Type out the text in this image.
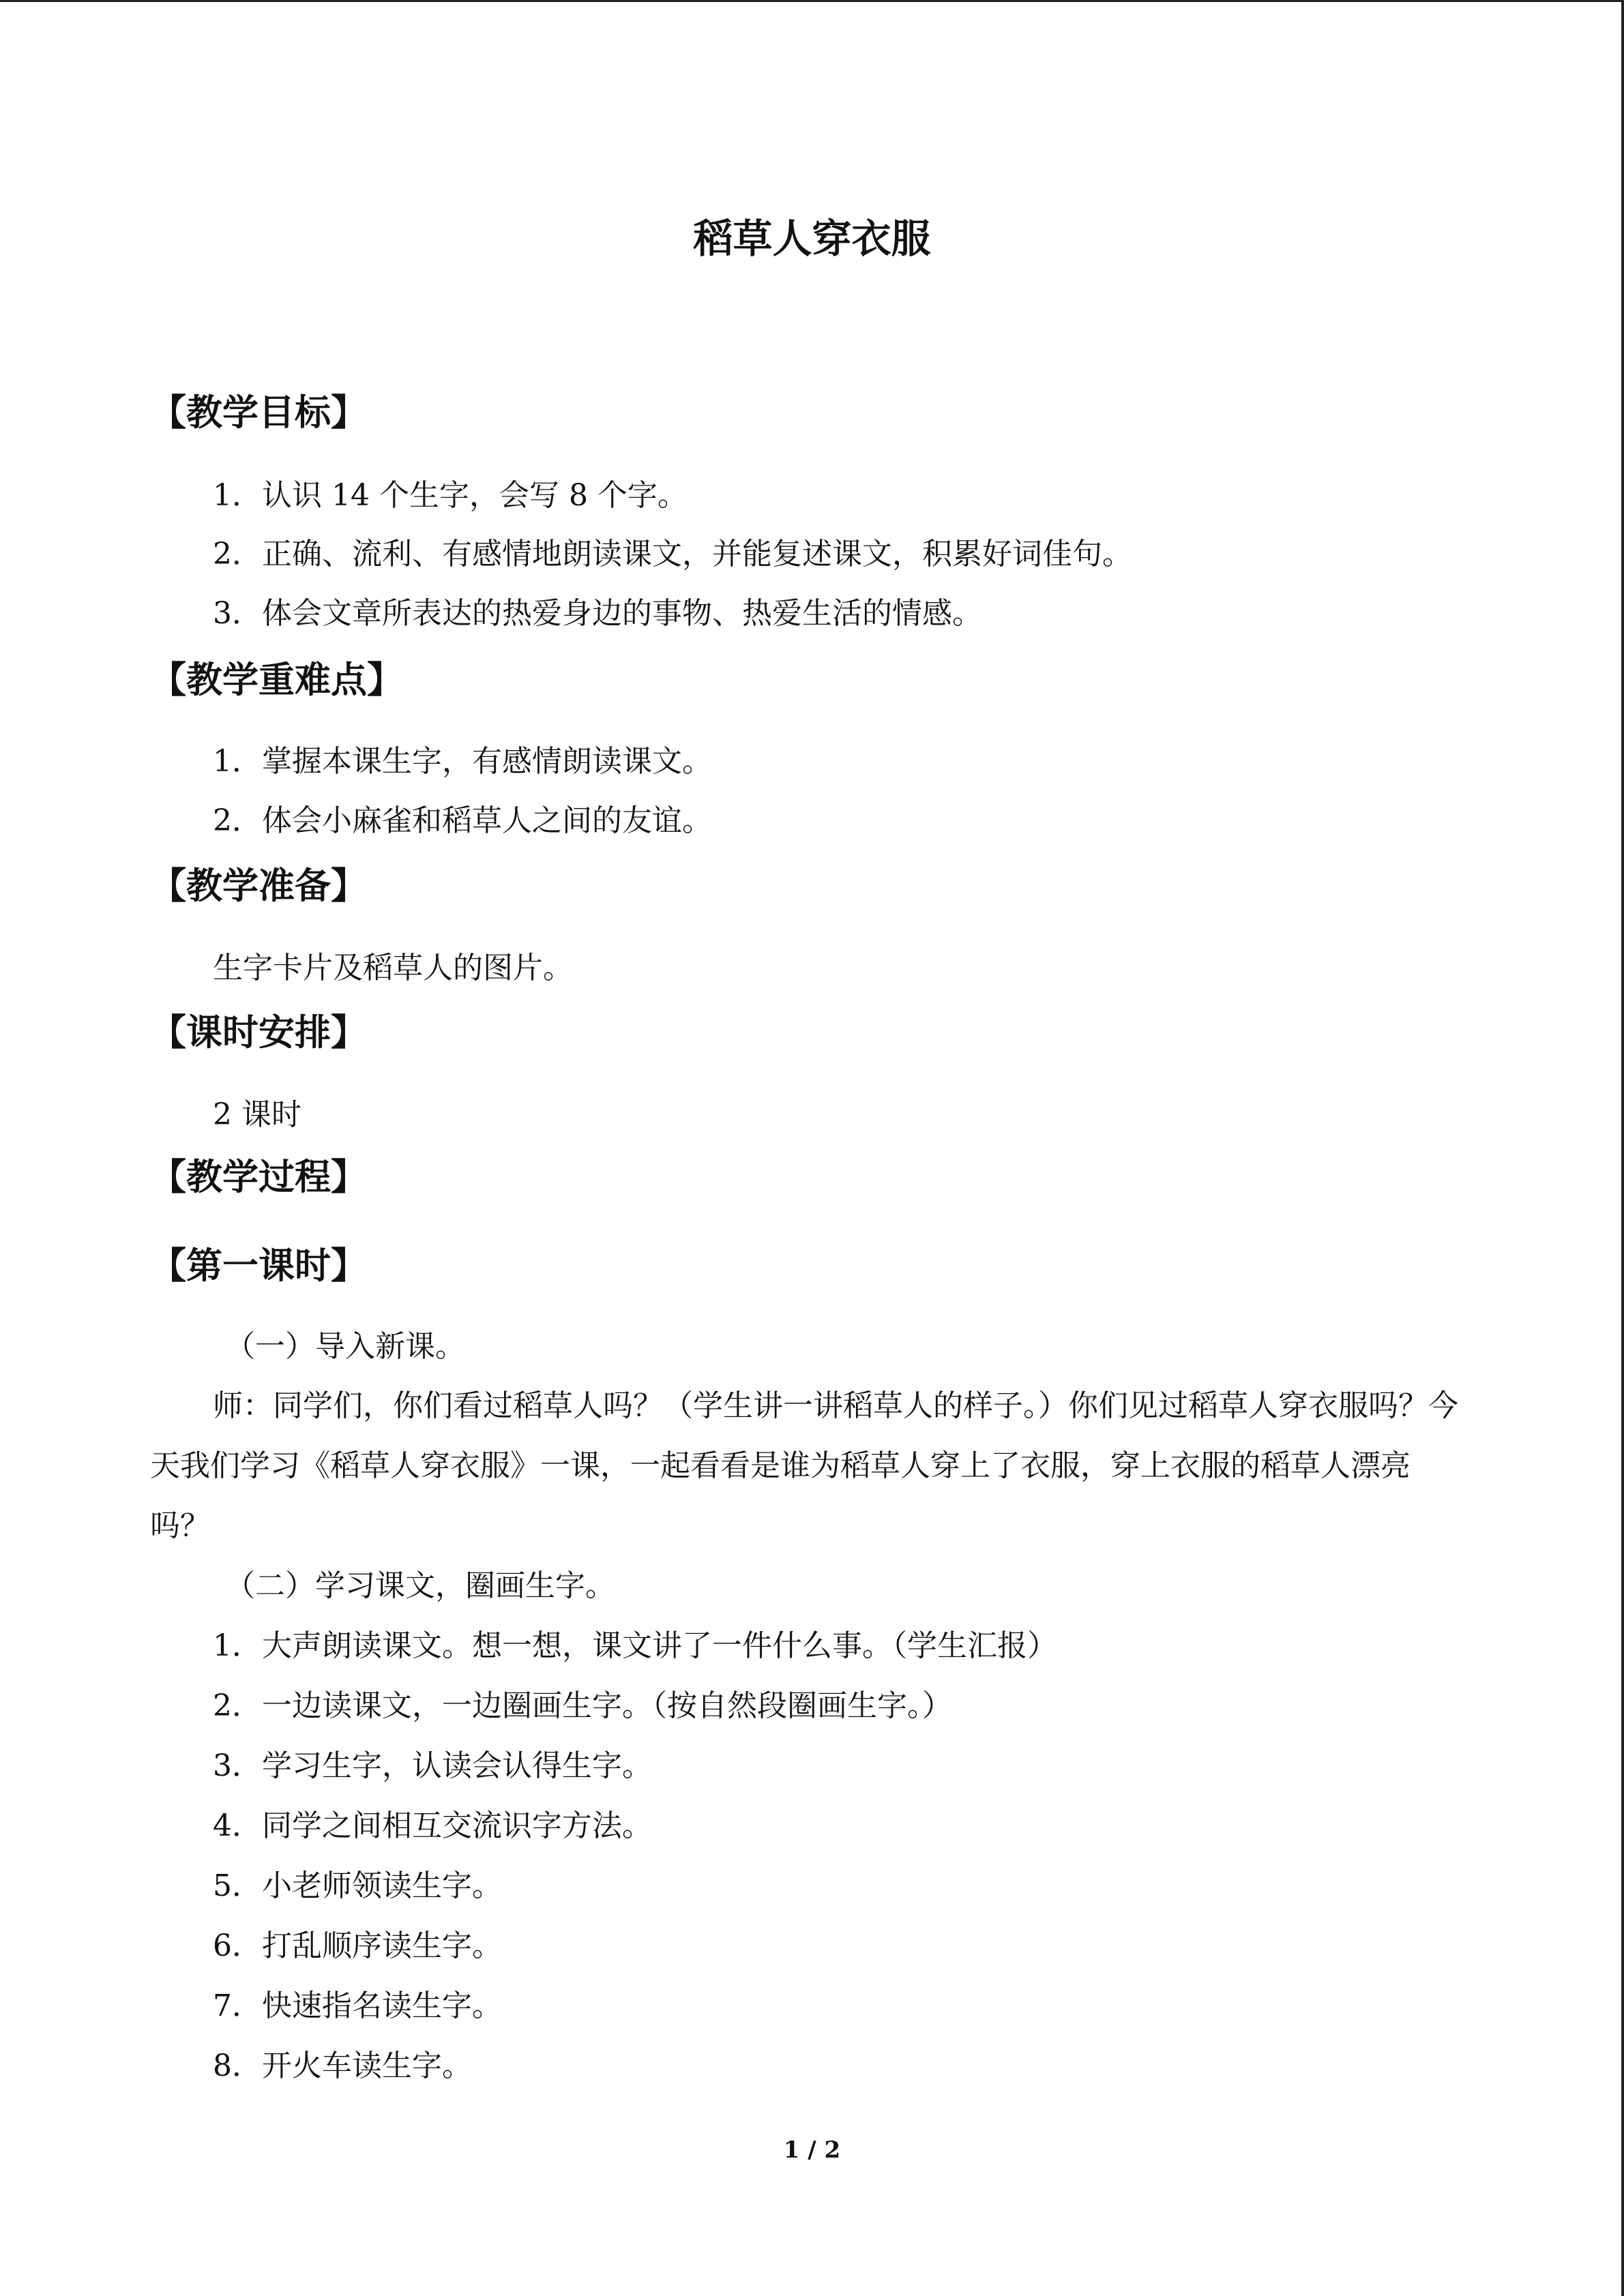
稻草人穿衣服
【教学目标】
1．认识 14 个生字，会写 8 个字。
2．正确、流利、有感情地朗读课文，并能复述课文，积累好词佳句。
3．体会文章所表达的热爱身边的事物、热爱生活的情感。
【教学重难点】
1．掌握本课生字，有感情朗读课文。
2．体会小麻雀和稻草人之间的友谊。
【教学准备】
生字卡片及稻草人的图片。
【课时安排】
2 课时
【教学过程】
【第一课时】
（一）导入新课。
师：同学们，你们看过稻草人吗？（学生讲一讲稻草人的样子。）你们见过稻草人穿衣服吗？今天我们学习《稻草人穿衣服》一课，一起看看是谁为稻草人穿上了衣服，穿上衣服的稻草人漂亮吗？
（二）学习课文，圈画生字。
1．大声朗读课文。想一想，课文讲了一件什么事。（学生汇报）
2．一边读课文，一边圈画生字。（按自然段圈画生字。）
3．学习生字，认读会认得生字。
4．同学之间相互交流识字方法。
5．小老师领读生字。
6．打乱顺序读生字。
7．快速指名读生字。
8．开火车读生字。
1 / 2
